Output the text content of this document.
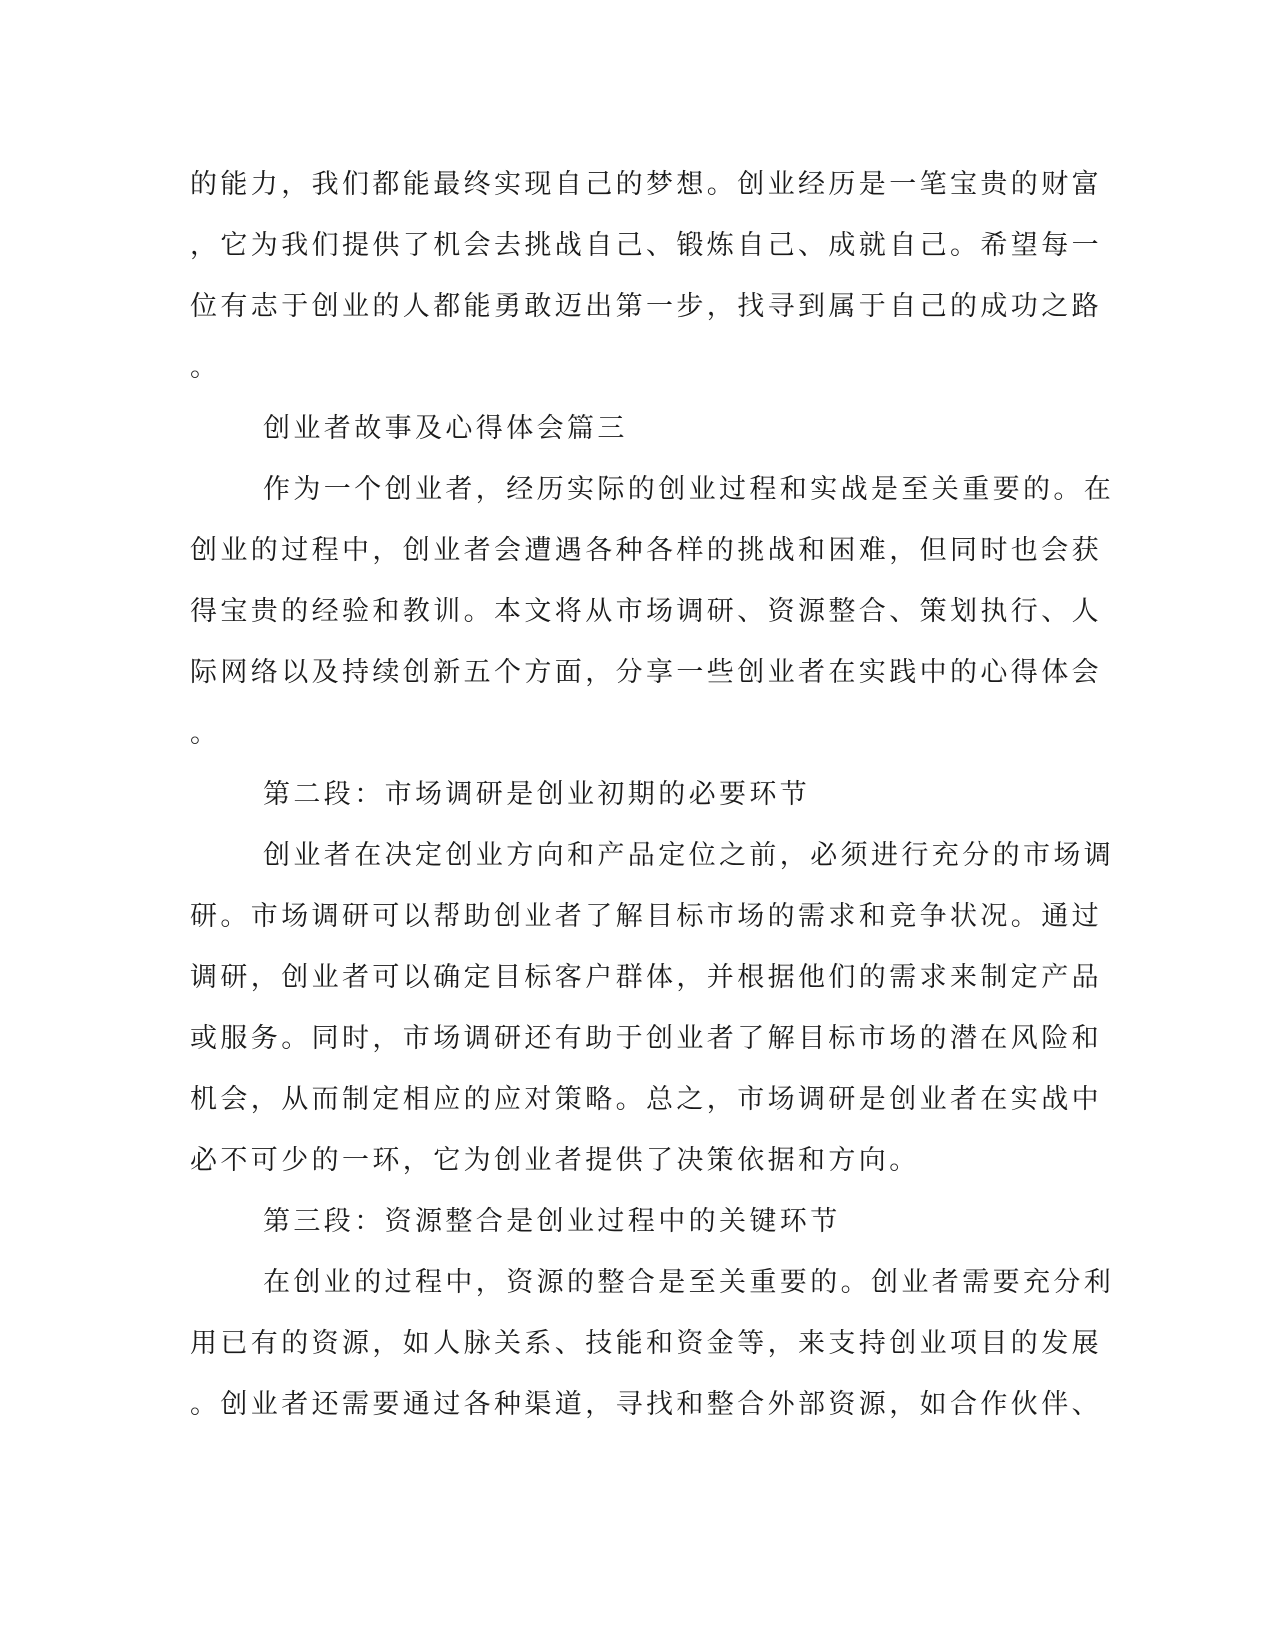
的能力，我们都能最终实现自己的梦想。创业经历是一笔宝贵的财富
，它为我们提供了机会去挑战自己、锻炼自己、成就自己。希望每一
位有志于创业的人都能勇敢迈出第一步，找寻到属于自己的成功之路
。
创业者故事及心得体会篇三
作为一个创业者，经历实际的创业过程和实战是至关重要的。在
创业的过程中，创业者会遭遇各种各样的挑战和困难，但同时也会获
得宝贵的经验和教训。本文将从市场调研、资源整合、策划执行、人
际网络以及持续创新五个方面，分享一些创业者在实践中的心得体会
。
第二段：市场调研是创业初期的必要环节
创业者在决定创业方向和产品定位之前，必须进行充分的市场调
研。市场调研可以帮助创业者了解目标市场的需求和竞争状况。通过
调研，创业者可以确定目标客户群体，并根据他们的需求来制定产品
或服务。同时，市场调研还有助于创业者了解目标市场的潜在风险和
机会，从而制定相应的应对策略。总之，市场调研是创业者在实战中
必不可少的一环，它为创业者提供了决策依据和方向。
第三段：资源整合是创业过程中的关键环节
在创业的过程中，资源的整合是至关重要的。创业者需要充分利
用已有的资源，如人脉关系、技能和资金等，来支持创业项目的发展
。创业者还需要通过各种渠道，寻找和整合外部资源，如合作伙伴、
